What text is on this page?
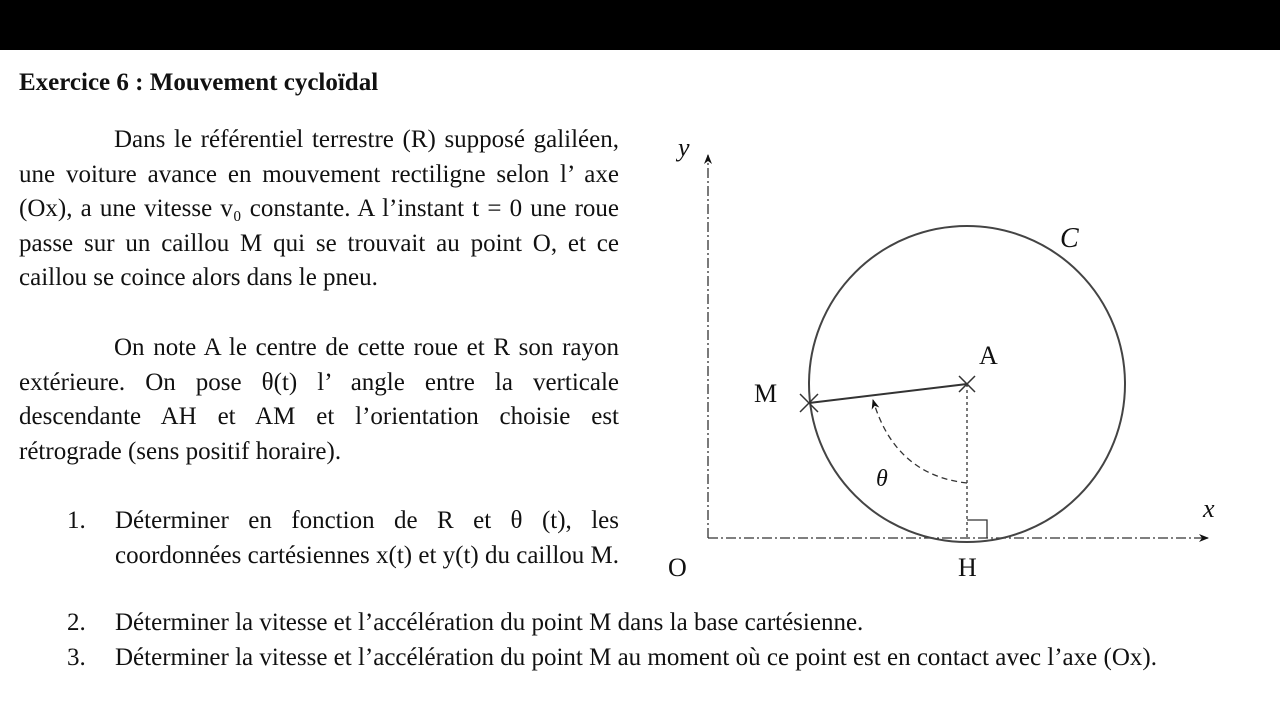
Exercice 6 : Mouvement cycloïdal

Dans le référentiel terrestre (R) supposé galiléen, une voiture avance en mouvement rectiligne selon l’ axe (Ox), a une vitesse v₀ constante. A l’instant t = 0 une roue passe sur un caillou M qui se trouvait au point O, et ce caillou se coince alors dans le pneu.

On note A le centre de cette roue et R son rayon extérieure. On pose θ(t) l’ angle entre la verticale descendante AH et AM et l’orientation choisie est rétrograde (sens positif horaire).

1. Déterminer en fonction de R et θ (t), les coordonnées cartésiennes x(t) et y(t) du caillou M.

2. Déterminer la vitesse et l’accélération du point M dans la base cartésienne.

3. Déterminer la vitesse et l’accélération du point M au moment où ce point est en contact avec l’axe (Ox).

y
x
O
C
A
M
H
θ
